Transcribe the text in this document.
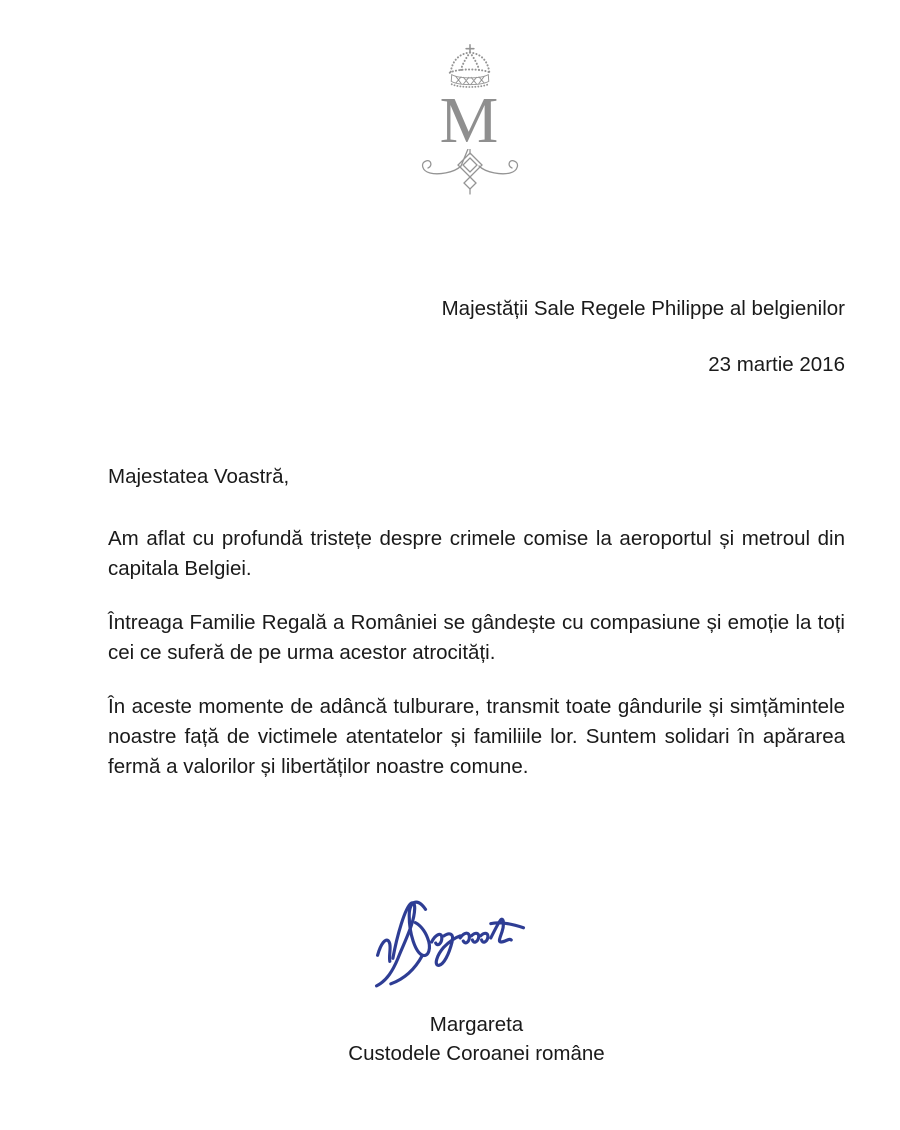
M
Majestății Sale Regele Philippe al belgienilor
23 martie 2016
Majestatea Voastră,

Am aflat cu profundă tristețe despre crimele comise la aeroportul și metroul din capitala Belgiei.

Întreaga Familie Regală a României se gândește cu compasiune și emoție la toți cei ce suferă de pe urma acestor atrocități.

În aceste momente de adâncă tulburare, transmit toate gândurile și simțămintele noastre față de victimele atentatelor și familiile lor. Suntem solidari în apărarea fermă a valorilor și libertăților noastre comune.

Margareta
Custodele Coroanei române
